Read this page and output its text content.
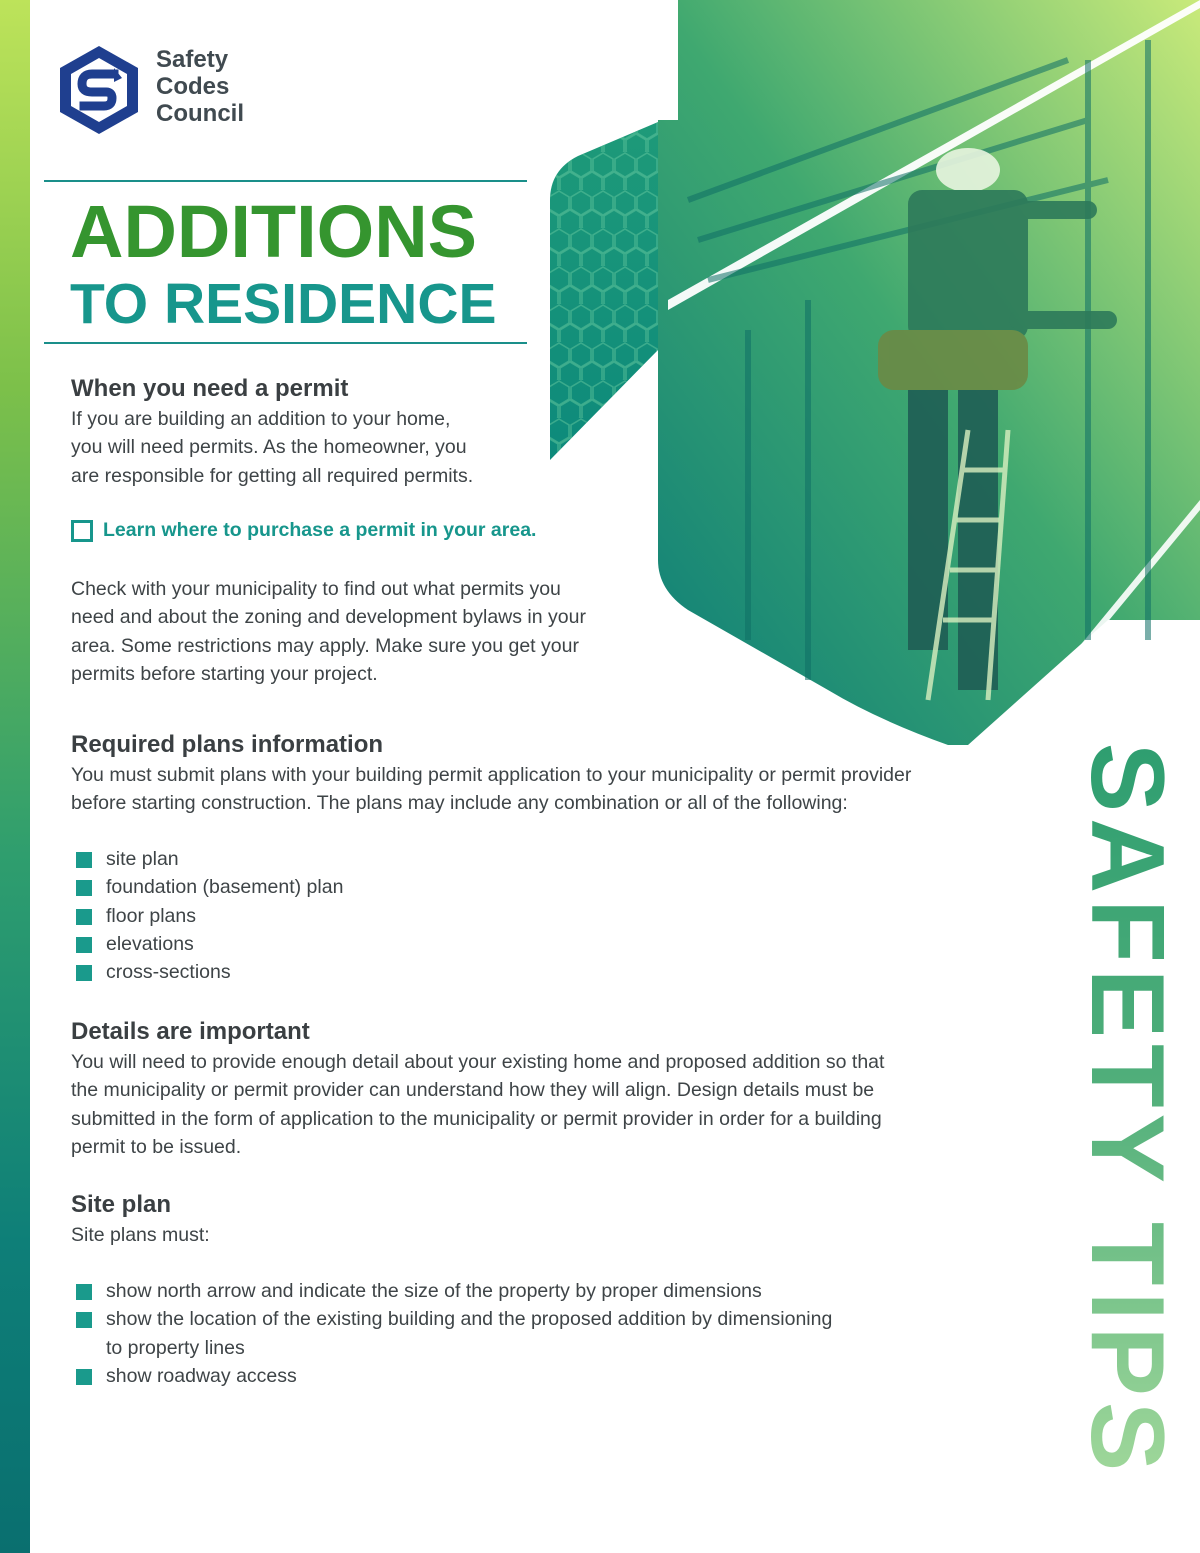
Safety
Codes
Council
ADDITIONS
TO RESIDENCE
When you need a permit

If you are building an addition to your home,
you will need permits. As the homeowner, you
are responsible for getting all required permits.

Learn where to purchase a permit in your area.

Check with your municipality to find out what permits you
need and about the zoning and development bylaws in your
area. Some restrictions may apply. Make sure you get your
permits before starting your project.

Required plans information

You must submit plans with your building permit application to your municipality or permit provider
before starting construction. The plans may include any combination or all of the following:

site plan
foundation (basement) plan
floor plans
elevations
cross-sections
Details are important

You will need to provide enough detail about your existing home and proposed addition so that
the municipality or permit provider can understand how they will align. Design details must be
submitted in the form of application to the municipality or permit provider in order for a building
permit to be issued.

Site plan

Site plans must:

show north arrow and indicate the size of the property by proper dimensions
show the location of the existing building and the proposed addition by dimensioning
to property lines
show roadway access	SAFETY TIPS
